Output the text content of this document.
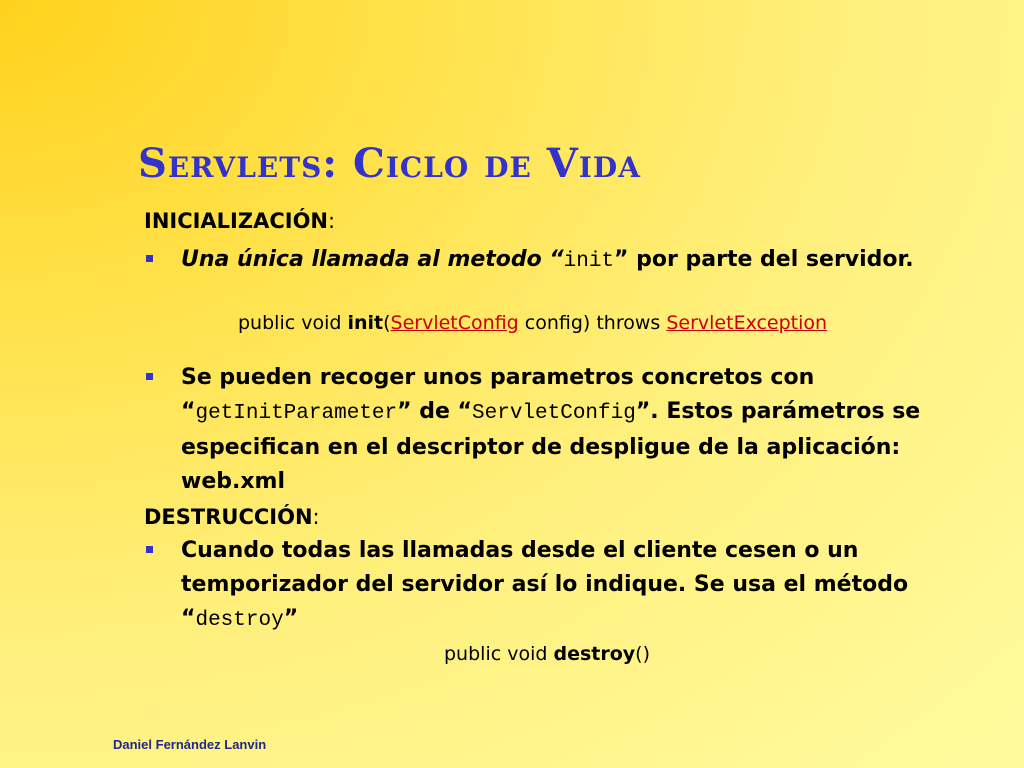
Servlets: Ciclo de Vida

INICIALIZACIÓN:

Una única llamada al metodo “init” por parte del servidor.

public void init(ServletConfig config) throws ServletException

Se pueden recoger unos parametros concretos con “getInitParameter” de “ServletConfig”. Estos parámetros se especifican en el descriptor de despligue de la aplicación: web.xml

DESTRUCCIÓN:

Cuando todas las llamadas desde el cliente cesen o un temporizador del servidor así lo indique. Se usa el método “destroy”

public void destroy()

Daniel Fernández Lanvin
